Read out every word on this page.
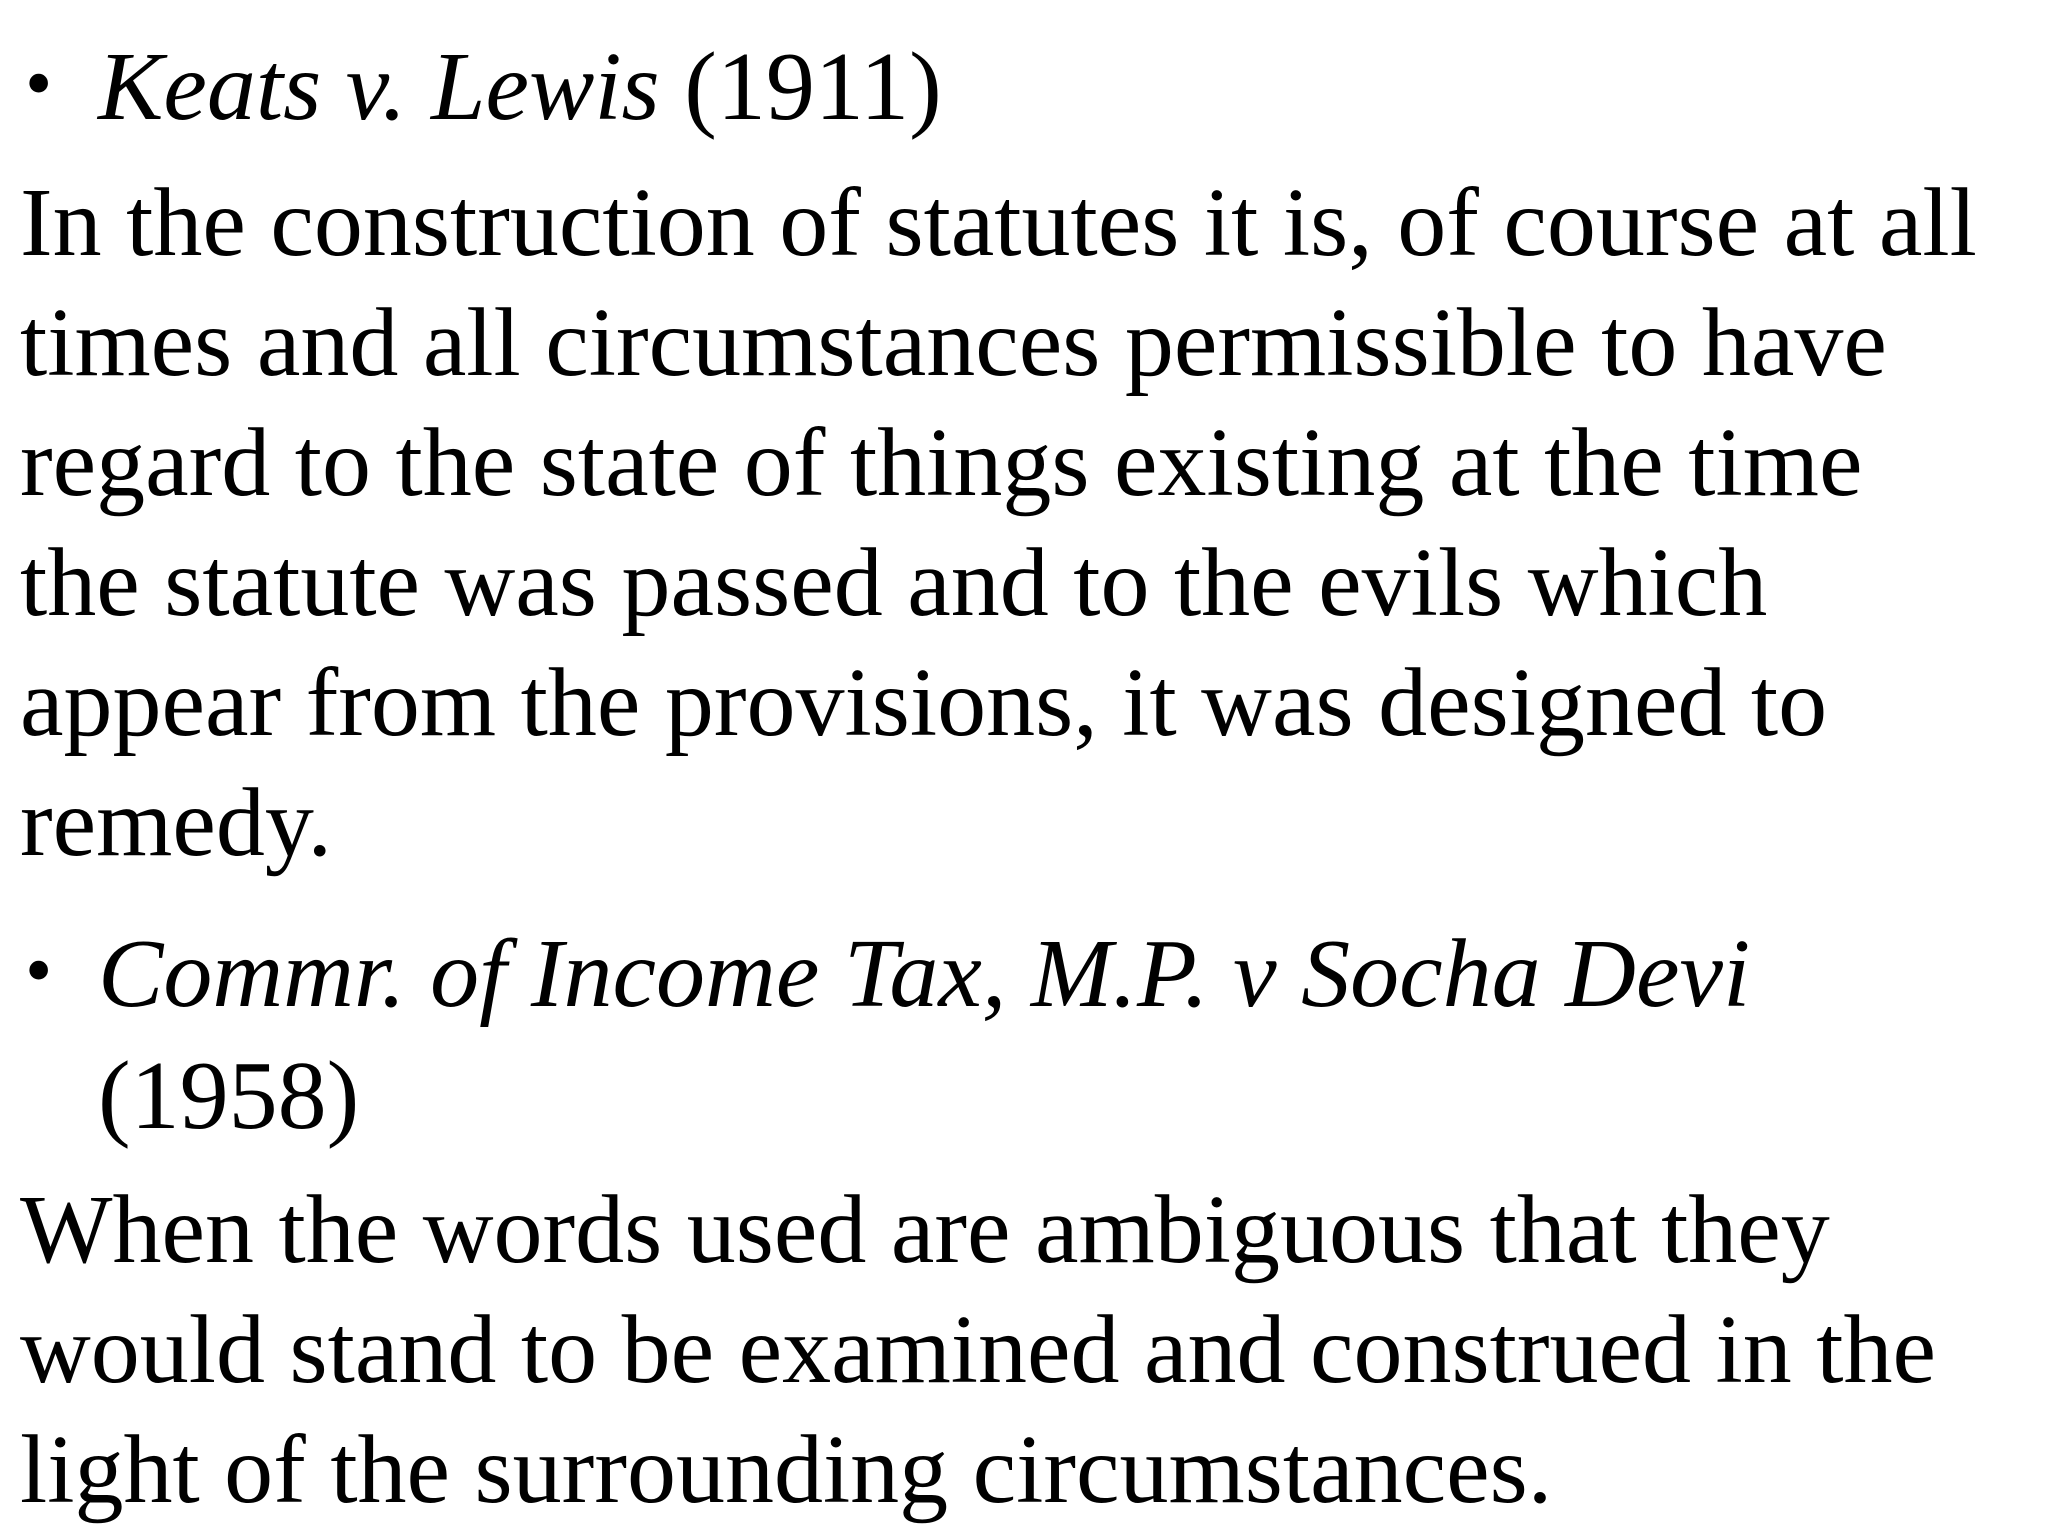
• Keats v. Lewis (1911)
In the construction of statutes it is, of course at all
times and all circumstances permissible to have
regard to the state of things existing at the time
the statute was passed and to the evils which
appear from the provisions, it was designed to
remedy.
• Commr. of Income Tax, M.P. v Socha Devi
(1958)
When the words used are ambiguous that they
would stand to be examined and construed in the
light of the surrounding circumstances.
